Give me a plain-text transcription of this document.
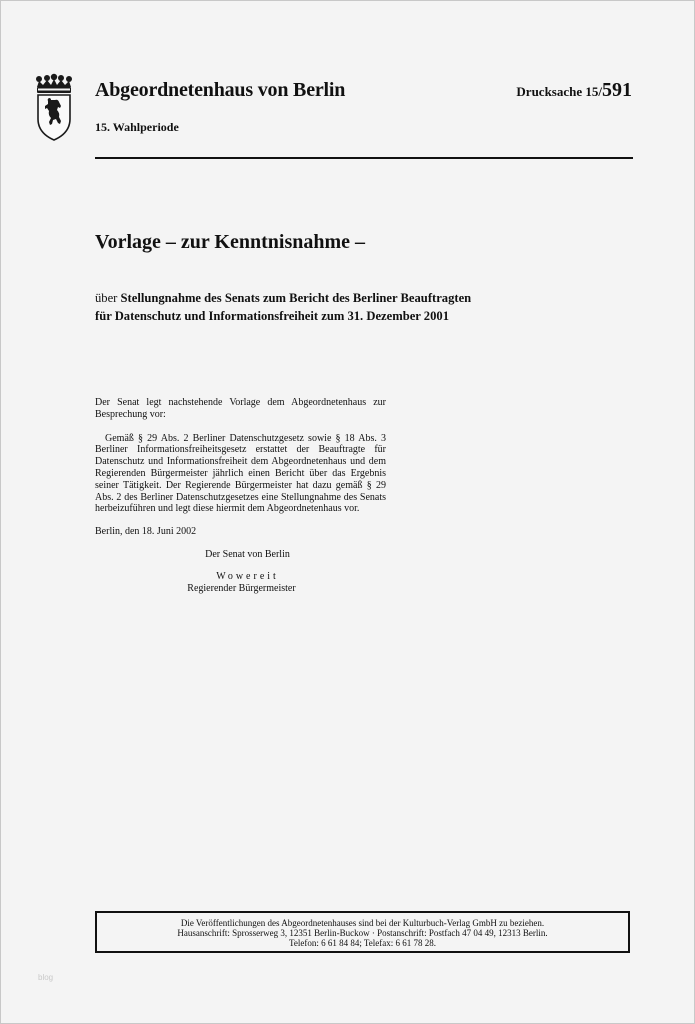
Abgeordnetenhaus von Berlin
15. Wahlperiode
Drucksache 15/591
Vorlage – zur Kenntnisnahme –
über Stellungnahme des Senats zum Bericht des Berliner Beauftragten
für Datenschutz und Informationsfreiheit zum 31. Dezember 2001

Der Senat legt nachstehende Vorlage dem Abgeordnetenhaus zur Besprechung vor:

Gemäß § 29 Abs. 2 Berliner Datenschutzgesetz sowie § 18 Abs. 3 Berliner Informationsfreiheitsgesetz erstattet der Beauftragte für Datenschutz und Informationsfreiheit dem Abgeordnetenhaus und dem Regierenden Bürgermeister jährlich einen Bericht über das Ergebnis seiner Tätigkeit. Der Regierende Bürgermeister hat dazu gemäß § 29 Abs. 2 des Berliner Datenschutzgesetzes eine Stellungnahme des Senats herbeizuführen und legt diese hiermit dem Abgeordnetenhaus vor.

Berlin, den 18. Juni 2002

Der Senat von Berlin

Wowereit

Regierender Bürgermeister

Die Veröffentlichungen des Abgeordnetenhauses sind bei der Kulturbuch-Verlag GmbH zu beziehen.
Hausanschrift: Sprosserweg 3, 12351 Berlin-Buckow · Postanschrift: Postfach 47 04 49, 12313 Berlin.
Telefon: 6 61 84 84; Telefax: 6 61 78 28.
blog
